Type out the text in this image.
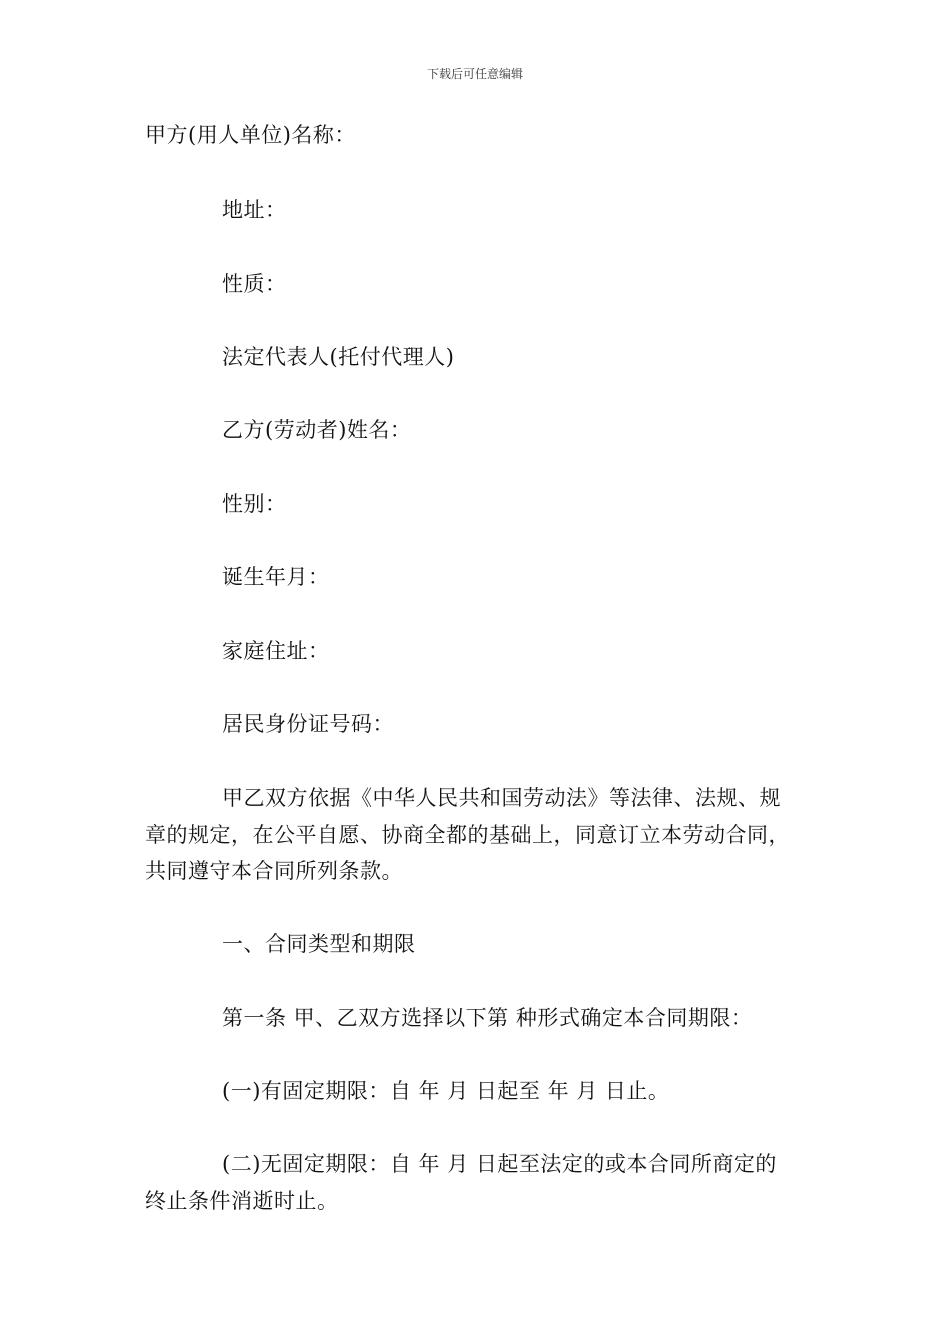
下载后可任意编辑
甲方(用人单位)名称：
地址：
性质：
法定代表人(托付代理人)
乙方(劳动者)姓名：
性别：
诞生年月：
家庭住址：
居民身份证号码：
甲乙双方依据《中华人民共和国劳动法》等法律、法规、规
章的规定，在公平自愿、协商全都的基础上，同意订立本劳动合同，
共同遵守本合同所列条款。
一、合同类型和期限
第一条 甲、乙双方选择以下第 种形式确定本合同期限：
(一)有固定期限：自 年 月 日起至 年 月 日止。
(二)无固定期限：自 年 月 日起至法定的或本合同所商定的
终止条件消逝时止。
